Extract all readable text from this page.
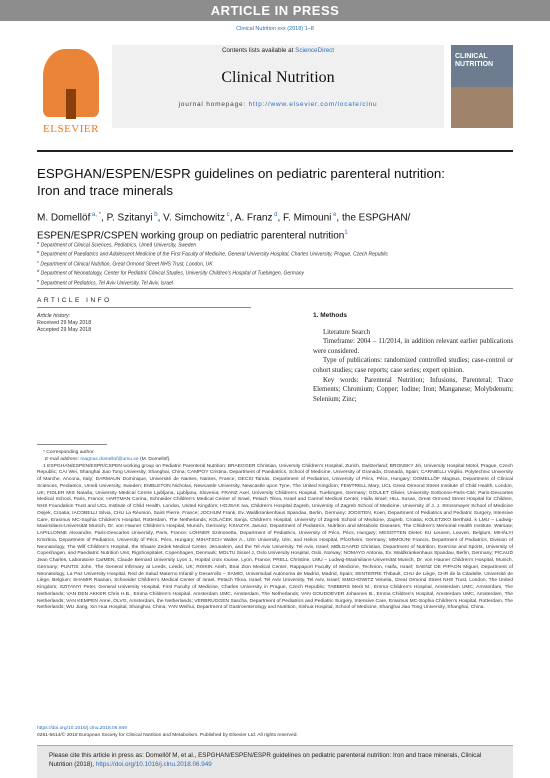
ARTICLE IN PRESS
Clinical Nutrition xxx (2018) 1–8
ELSEVIER
Contents lists available at ScienceDirect
Clinical Nutrition
journal homepage: http://www.elsevier.com/locate/clnu
CLINICAL
NUTRITION
ESPGHAN/ESPEN/ESPR guidelines on pediatric parenteral nutrition:
Iron and trace minerals
M. Domellöf $^{a, *}$, P. Szitanyi $^b$, V. Simchowitz $^c$, A. Franz $^d$, F. Mimouni $^e$, the ESPGHAN/
ESPEN/ESPR/CSPEN working group on pediatric parenteral nutrition$^1$

$^a$ Department of Clinical Sciences, Pediatrics, Umeå University, Sweden

$^b$ Department of Paediatrics and Adolescent Medicine of the First Faculty of Medicine, General University Hospital, Charles University, Prague, Czech Republic

$^c$ Department of Clinical Nutrition, Great Ormond Street NHS Trust, London, UK

$^d$ Department of Neonatology, Center for Pediatric Clinical Studies, University Children's Hospital of Tuebingen, Germany

$^e$ Department of Pediatrics, Tel Aviv University, Tel Aviv, Israel

ARTICLE INFO
Article history:
Received 29 May 2018
Accepted 29 May 2018
1. Methods

Literature Search

Timeframe: 2004 – 11/2014, in addition relevant earlier publications were considered.

Type of publications: randomized controlled studies; case-control or cohort studies; case reports; case series; expert opinion.

Key words: Parenteral Nutrition; Infusions, Parenteral; Trace Elements; Chromium; Copper; Iodine; Iron; Manganese; Molybdenum; Selenium; Zinc;

* Corresponding author.

E-mail address: magnus.domellof@umu.se (M. Domellöf).

1 ESPGHAN/ESPEN/ESPR/CSPEN working group on Pediatric Parenteral Nutrition: BRAEGGER Christian, University Children's Hospital, Zurich, Switzerland; BRONSKY Jiri, University Hospital Motol, Prague, Czech Republic; CAI Wei, Shanghai Jiao Tong University, Shanghai, China; CAMPOY Cristina, Department of Paediatrics, School of Medicine, University of Granada, Granada, Spain; CARNIELLI Virgilio, Polytechnic University of Marche, Ancona, Italy; DARMAUN Dominique, Université de Nantes, Nantes, France; DECSI Tamás, Department of Pediatrics, University of Pécs, Pécs, Hungary; DOMELLÖF Magnus, Department of Clinical Sciences, Pediatrics, Umeå University, Sweden; EMBLETON Nicholas, Newcastle University, Newcastle upon Tyne, The United Kingdom; FEWTRELL Mary, UCL Great Ormond Street Institute of Child Health, London, UK; FIDLER MIS Nataša, University Medical Centre Ljubljana, Ljubljana, Slovenia; FRANZ Axel, University Children's Hospital, Tuebingen, Germany; GOULET Olivier, University Sorbonne-Paris-Cité; Paris-Descartes Medical School, Paris, France; HARTMAN Corina, Schneider Children's Medical Center of Israel, Petach Tikva, Israel and Carmel Medical Center, Haifa Israel; HILL Susan, Great Ormond Street Hospital for Children, NHS Foundation Trust and UCL Institute of Child Health, London, United Kingdom; HOJSAK Iva, Children's Hospital Zagreb, University of Zagreb School of Medicine, University of J. J. Strossmayer School of Medicine Osijek, Croatia; IACOBELLI Silvia, CHU La Réunion, Saint Pierre, France; JOCHUM Frank, Ev. Waldkrankenhaus Spandau, Berlin, Germany; JOOSTEN, Koen, Department of Pediatrics and Pediatric Surgery, Intensive Care, Erasmus MC-Sophia Children's Hospital, Rotterdam, The Netherlands; KOLAČEK Sanja, Children's Hospital, University of Zagreb School of Medicine, Zagreb, Croatia; KOLETZKO Berthold, k LMU – Ludwig-Maximilians-Universität Munich, Dr. von Hauner Children's Hospital, Munich, Germany; KSIAZYK Janusz, Department of Pediatrics, Nutrition and Metabolic Diseases, The Children's Memorial Health Institute. Warsaw; LAPILLONNE Alexandre, Paris-Descartes University, Paris, France; LOHNER Szimonetta, Department of Pediatrics, University of Pécs, Pécs, Hungary; MESOTTEN Dieter, KU Leuven, Leuven, Belgium; MIHÁLYI Krisztina, Department of Pediatrics, University of Pécs, Pécs, Hungary; MIHATSCH Walter A., Ulm University, Ulm, and Helios Hospital, Pforzheim, Germany; MIMOUNI Francis, Department of Pediatrics, Division of Neonatology, The Wilf Children's Hospital, the Shaare Zedek Medical Center, Jerusalem, and the Tel Aviv University, Tel Aviv, Israel; MØLGAARD Christian, Department of Nutrition, Exercise and Sports, University of Copenhagen, and Paediatric Nutrition Unit, Rigshospitalet, Copenhagen, Denmark; MOLTU Sissel J, Oslo University Hospital, Oslo, Norway; NOMAYO Antonia, Ev. Waldkrankenhaus Spandau, Berlin, Germany; PICAUD Jean Charles, Laboratoire CarMEN, Claude Bernard University Lyon 1, Hopital croix rousse, Lyon, France; PRELL Christine, LMU – Ludwig-Maximilians-Universität Munich, Dr. von Hauner Children's Hospital, Munich, Germany; PUNTIS John, The General Infirmary at Leeds, Leeds, UK; RISKIN Arieh, Bnai Zion Medical Center, Rappaport Faculty of Medicine, Technion, Haifa, Israel; SAENZ DE PIPAON Miguel, Department of Neonatology, La Paz University Hospital, Red de Salud Materno Infantil y Desarrollo – SAMID, Universidad Autónoma de Madrid, Madrid, Spain; SENTERRE Thibault, CHU de Liège, CHR de la Citadelle, Université de Liège, Belgium; SHAMIR Raanan, Schneider Children's Medical Center of Israel, Petach Tikva, Israel; Tel Aviv University, Tel Aviv, Israel; SIMCHOWITZ Venetia, Great Ormond Street NHS Trust, London, The United Kingdom; SZITANYI Peter, General University Hospital, First Faculty of Medicine, Charles University in Prague, Czech Republic; TABBERS Merit M., Emma Children's Hospital, Amsterdam UMC, Amsterdam, The Netherlands; VAN DEN AKKER Chris H.B., Emma Children's Hospital, Amsterdam UMC, Amsterdam, The Netherlands; VAN GOUDOEVER Johannes B., Emma Children's Hospital, Amsterdam UMC, Amsterdam, The Netherlands; VAN KEMPEN Anne, OLVG, Amsterdam, the Netherlands; VERBRUGGEN Sascha, Department of Pediatrics and Pediatric Surgery, Intensive Care, Erasmus MC-Sophia Children's Hospital, Rotterdam, The Netherlands; WU Jiang, Xin Hua Hospital, Shanghai, China; YAN Weihui, Department of Gastroenterology and Nutrition, Xinhua Hospital, School of Medicine, Shanghai Jiao Tong University, Shanghai, China.

https://doi.org/10.1016/j.clnu.2018.06.949
0261-5614/© 2018 European Society for Clinical Nutrition and Metabolism. Published by Elsevier Ltd. All rights reserved.
Please cite this article in press as: Domellöf M, et al., ESPGHAN/ESPEN/ESPR guidelines on pediatric parenteral nutrition: Iron and trace minerals, Clinical Nutrition (2018), https://doi.org/10.1016/j.clnu.2018.06.949
